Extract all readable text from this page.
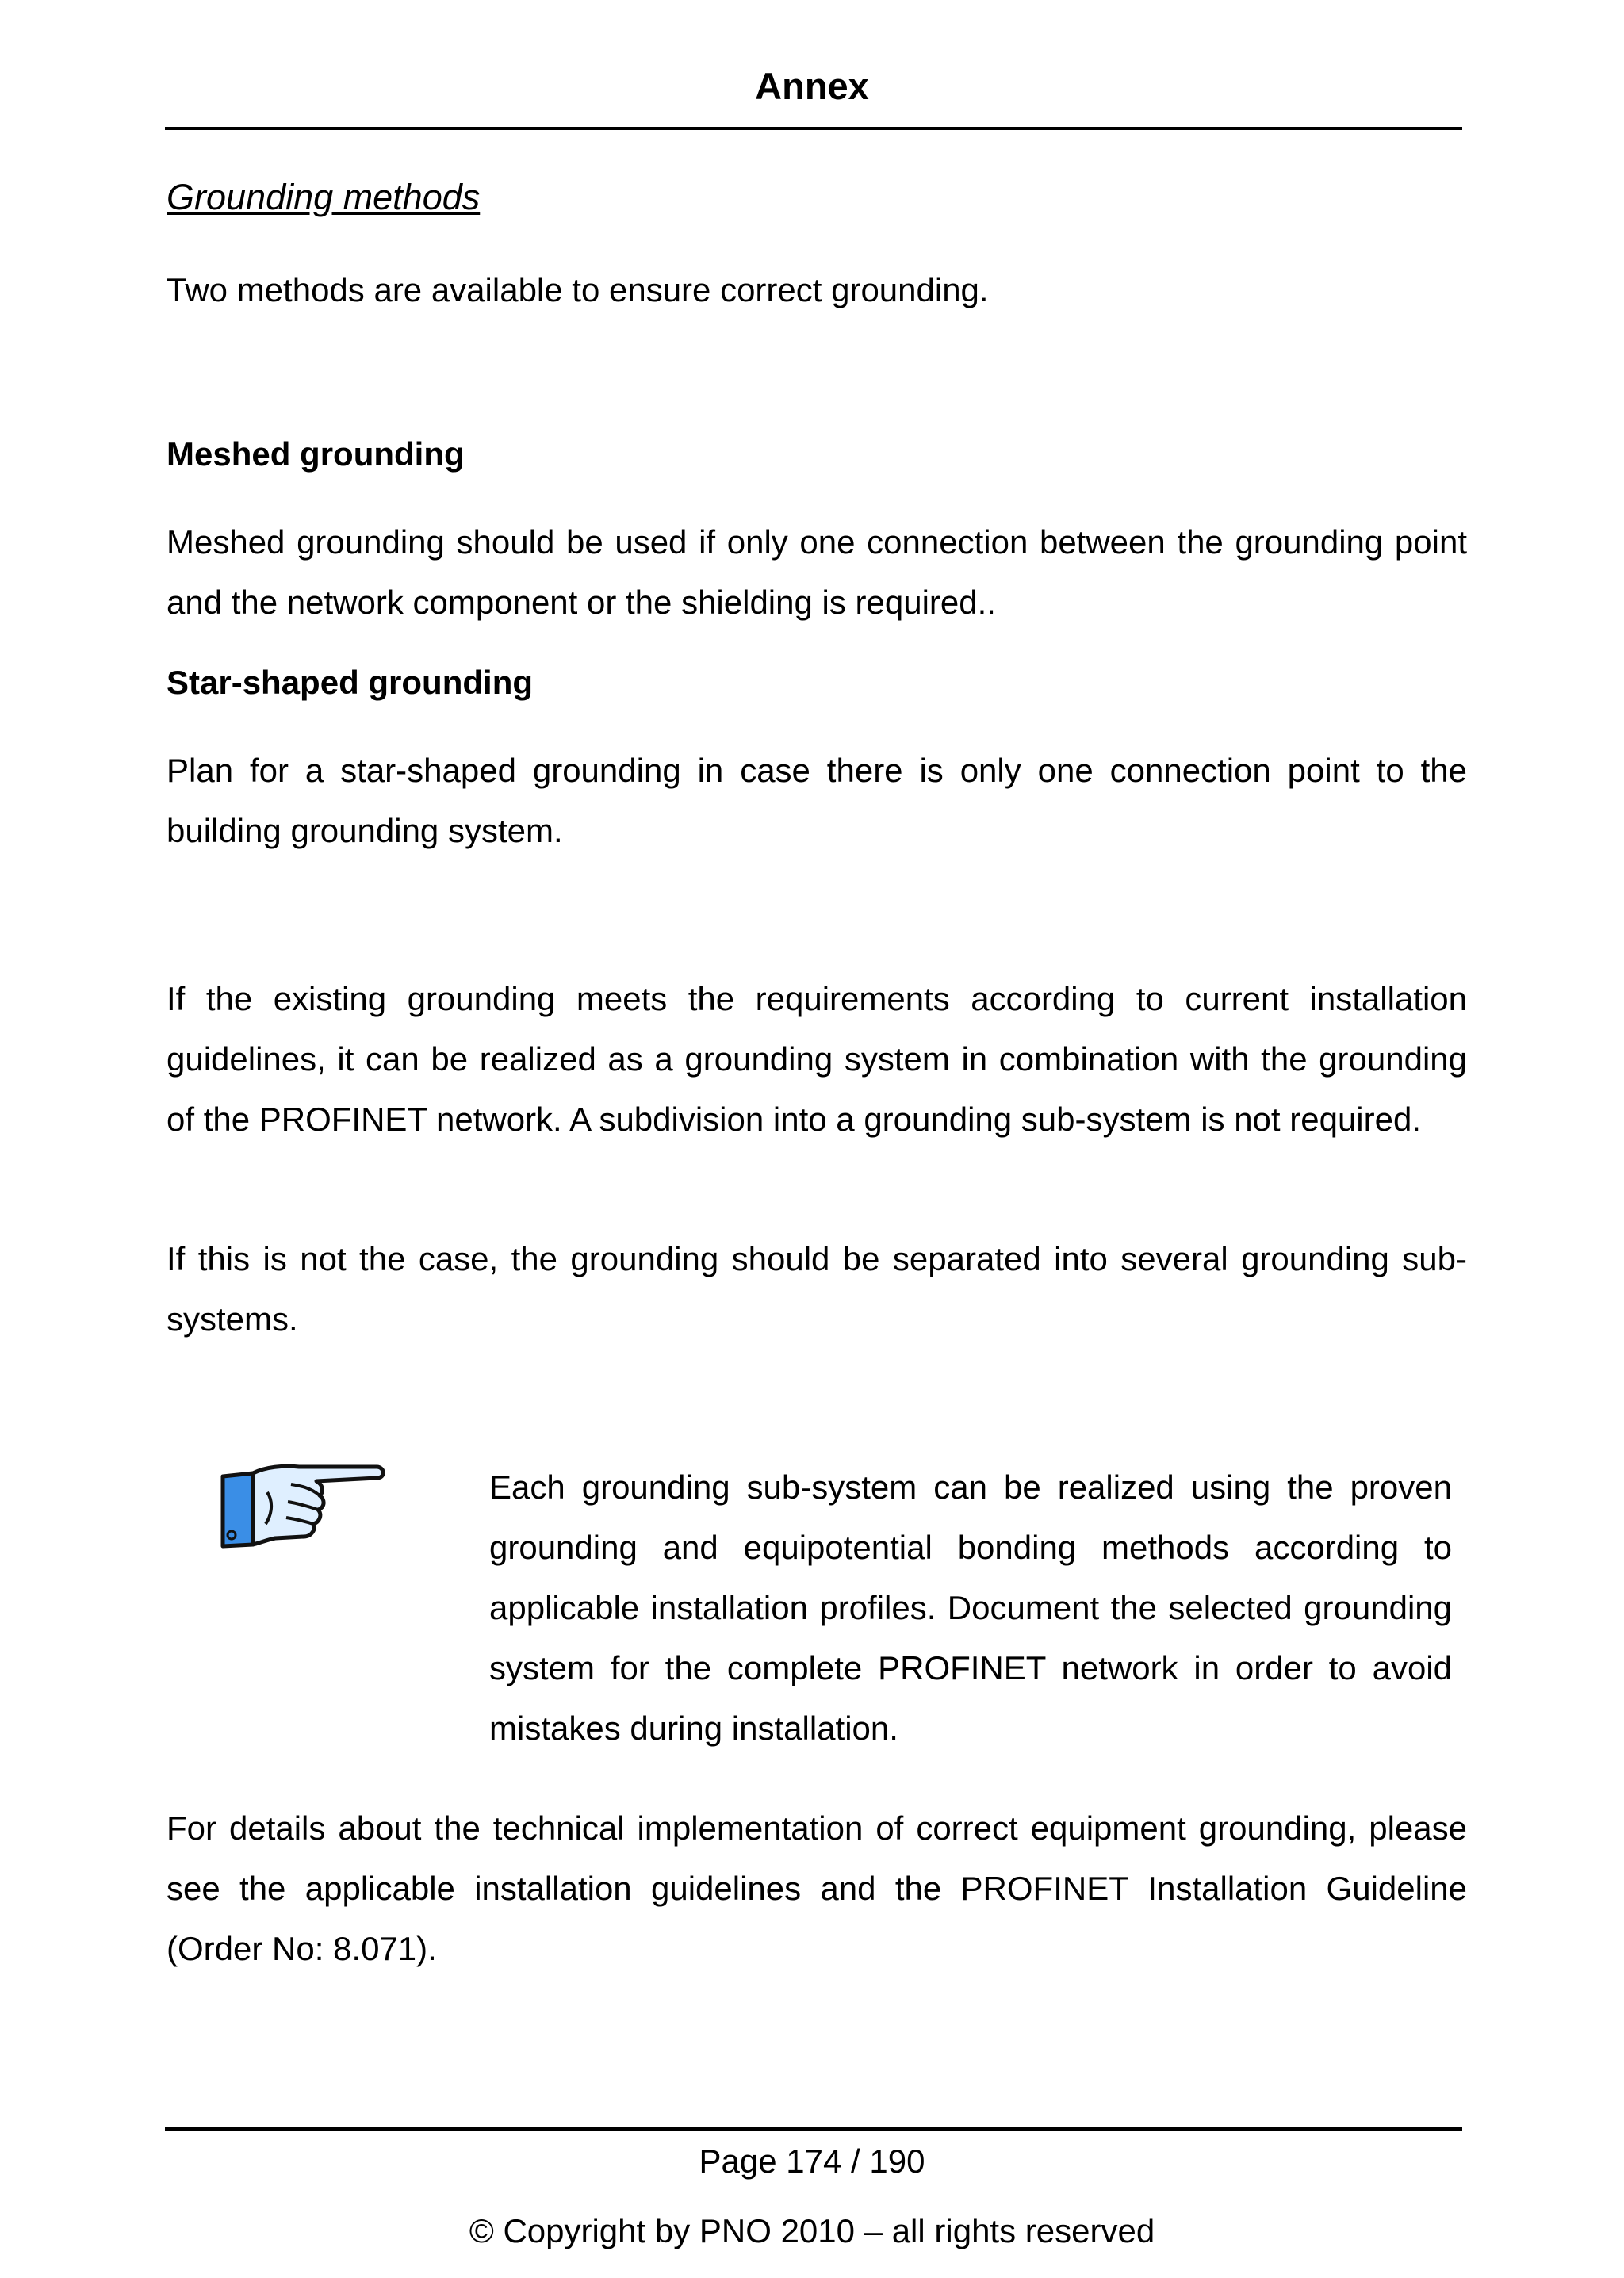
Annex
Grounding methods

Two methods are available to ensure correct grounding.

Meshed grounding

Meshed grounding should be used if only one connection between the grounding point and the network component or the shielding is required..

Star-shaped grounding

Plan for a star-shaped grounding in case there is only one connection point to the building grounding system.

If the existing grounding meets the requirements according to current installation guidelines, it can be realized as a grounding system in combination with the grounding of the PROFINET network. A subdivision into a grounding sub-system is not required.

If this is not the case, the grounding should be separated into several grounding sub-systems.

Each grounding sub-system can be realized using the proven grounding and equipotential bonding methods according to applicable installation profiles. Document the selected grounding system for the complete PROFINET network in order to avoid mistakes during installation.

For details about the technical implementation of correct equipment grounding, please see the applicable installation guidelines and the PROFINET Installation Guideline (Order No: 8.071).

Page 174 / 190
© Copyright by PNO 2010 – all rights reserved
